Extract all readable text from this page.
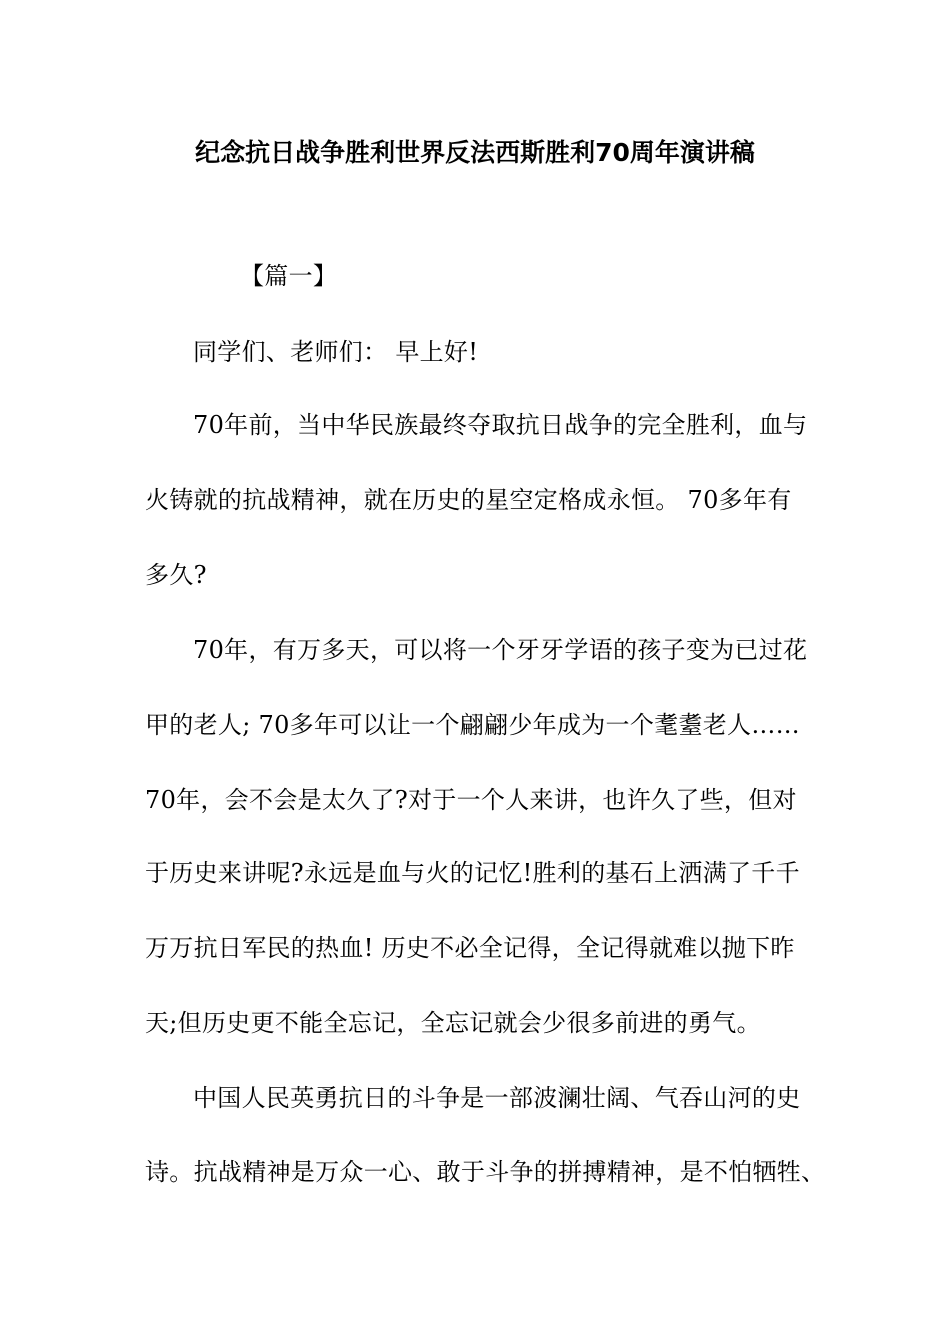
纪念抗日战争胜利世界反法西斯胜利70周年演讲稿
【篇一】
同学们、老师们： 早上好!
70年前，当中华民族最终夺取抗日战争的完全胜利，血与
火铸就的抗战精神，就在历史的星空定格成永恒。 70多年有
多久?
70年，有万多天，可以将一个牙牙学语的孩子变为已过花
甲的老人; 70多年可以让一个翩翩少年成为一个耄耋老人……
70年，会不会是太久了?对于一个人来讲，也许久了些，但对
于历史来讲呢?永远是血与火的记忆!胜利的基石上洒满了千千
万万抗日军民的热血! 历史不必全记得，全记得就难以抛下昨
天;但历史更不能全忘记，全忘记就会少很多前进的勇气。
中国人民英勇抗日的斗争是一部波澜壮阔、气吞山河的史
诗。抗战精神是万众一心、敢于斗争的拼搏精神，是不怕牺牲、
